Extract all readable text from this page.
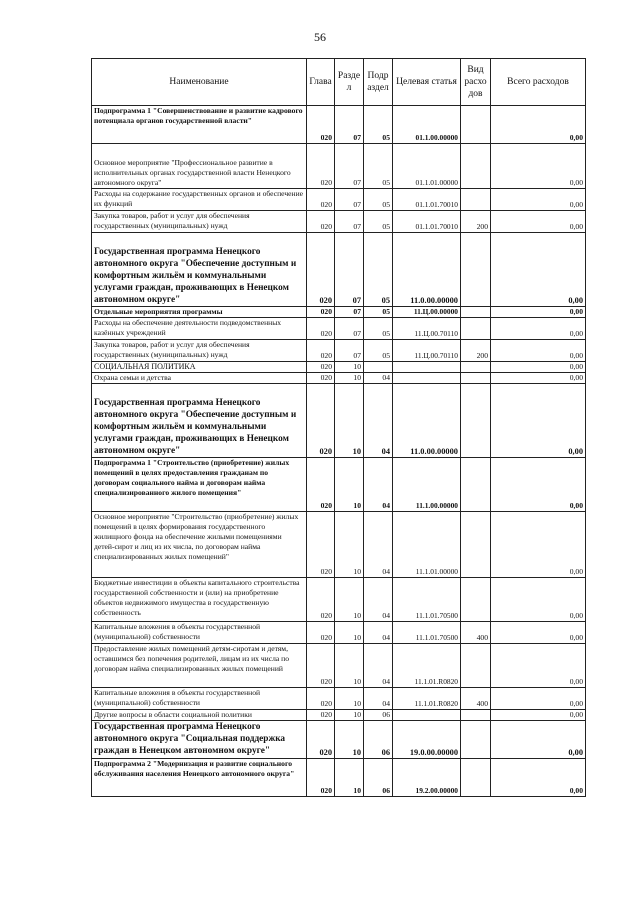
56
Наименование	Глава	Разде л	Подр аздел	Целевая статья	Вид расхо дов	Всего расходов
Подпрограмма 1 "Совершенствование и развитие кадрового потенциала органов государственной власти"	020	07	05	01.1.00.00000		0,00
Основное мероприятие "Профессиональное развитие в исполнительных органах государственной власти Ненецкого автономного округа"	020	07	05	01.1.01.00000		0,00
Расходы на содержание государственных органов и обеспечение их функций	020	07	05	01.1.01.70010		0,00
Закупка товаров, работ и услуг для обеспечения государственных (муниципальных) нужд	020	07	05	01.1.01.70010	200	0,00
Государственная программа Ненецкого автономного округа "Обеспечение доступным и комфортным жильём и коммунальными услугами граждан, проживающих в Ненецком автономном округе"	020	07	05	11.0.00.00000		0,00
Отдельные мероприятия программы	020	07	05	11.Ц.00.00000		0,00
Расходы на обеспечение деятельности подведомственных казённых учреждений	020	07	05	11.Ц.00.70110		0,00
Закупка товаров, работ и услуг для обеспечения государственных (муниципальных) нужд	020	07	05	11.Ц.00.70110	200	0,00
СОЦИАЛЬНАЯ ПОЛИТИКА	020	10				0,00
Охрана семьи и детства	020	10	04			0,00
Государственная программа Ненецкого автономного округа "Обеспечение доступным и комфортным жильём и коммунальными услугами граждан, проживающих в Ненецком автономном округе"	020	10	04	11.0.00.00000		0,00
Подпрограмма 1 "Строительство (приобретение) жилых помещений в целях предоставления гражданам по договорам социального найма и договорам найма специализированного жилого помещения"	020	10	04	11.1.00.00000		0,00
Основное мероприятие "Строительство (приобретение) жилых помещений в целях формирования государственного жилищного фонда на обеспечение жилыми помещениями детей-сирот и лиц из их числа, по договорам найма специализированных жилых помещений"	020	10	04	11.1.01.00000		0,00
Бюджетные инвестиции в объекты капитального строительства государственной собственности и (или) на приобретение объектов недвижимого имущества в государственную собственность	020	10	04	11.1.01.70500		0,00
Капитальные вложения в объекты государственной (муниципальной) собственности	020	10	04	11.1.01.70500	400	0,00
Предоставление жилых помещений детям-сиротам и детям, оставшимся без попечения родителей, лицам из их числа по договорам найма специализированных жилых помещений	020	10	04	11.1.01.R0820		0,00
Капитальные вложения в объекты государственной (муниципальной) собственности	020	10	04	11.1.01.R0820	400	0,00
Другие вопросы в области социальной политики	020	10	06			0,00
Государственная программа Ненецкого автономного округа "Социальная поддержка граждан в Ненецком автономном округе"	020	10	06	19.0.00.00000		0,00
Подпрограмма 2 "Модернизация и развитие социального обслуживания населения Ненецкого автономного округа"	020	10	06	19.2.00.00000		0,00
